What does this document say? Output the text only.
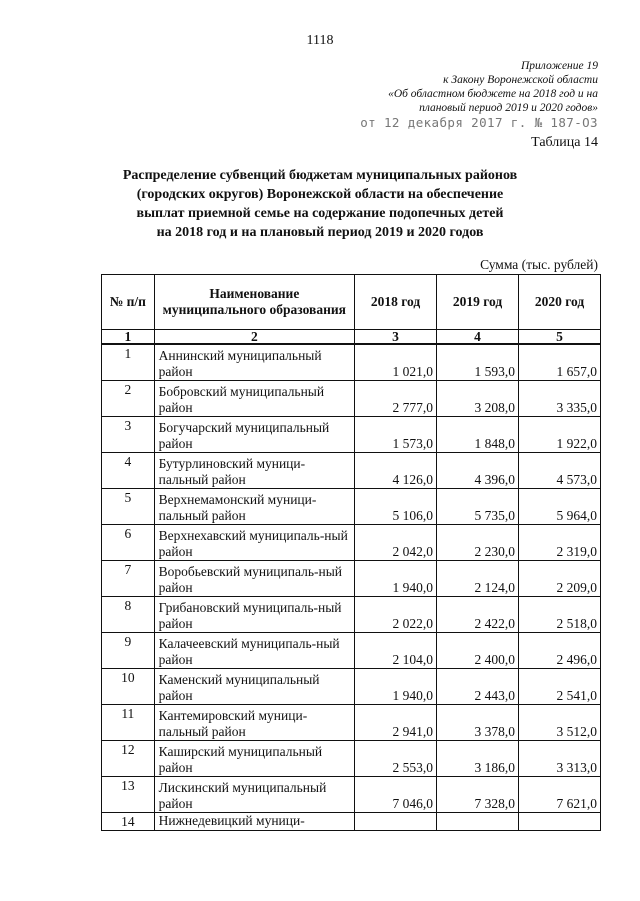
1118
Приложение 19
к Закону Воронежской области
«Об областном бюджете на 2018 год и на
плановый период 2019 и 2020 годов»
от 12 декабря 2017 г. № 187-ОЗ
Таблица 14
Распределение субвенций бюджетам муниципальных районов
(городских округов) Воронежской области на обеспечение
выплат приемной семье на содержание подопечных детей
на 2018 год и на плановый период 2019 и 2020 годов
Сумма (тыс. рублей)
№ п/п	Наименование муниципального образования	2018 год	2019 год	2020 год
1	2	3	4	5
1	Аннинский муниципальный район	1 021,0	1 593,0	1 657,0
2	Бобровский муниципальный район	2 777,0	3 208,0	3 335,0
3	Богучарский муниципальный район	1 573,0	1 848,0	1 922,0
4	Бутурлиновский муници-пальный район	4 126,0	4 396,0	4 573,0
5	Верхнемамонский муници-пальный район	5 106,0	5 735,0	5 964,0
6	Верхнехавский муниципаль-ный район	2 042,0	2 230,0	2 319,0
7	Воробьевский муниципаль-ный район	1 940,0	2 124,0	2 209,0
8	Грибановский муниципаль-ный район	2 022,0	2 422,0	2 518,0
9	Калачеевский муниципаль-ный район	2 104,0	2 400,0	2 496,0
10	Каменский муниципальный район	1 940,0	2 443,0	2 541,0
11	Кантемировский муници-пальный район	2 941,0	3 378,0	3 512,0
12	Каширский муниципальный район	2 553,0	3 186,0	3 313,0
13	Лискинский муниципальный район	7 046,0	7 328,0	7 621,0
14	Нижнедевицкий муници-			
